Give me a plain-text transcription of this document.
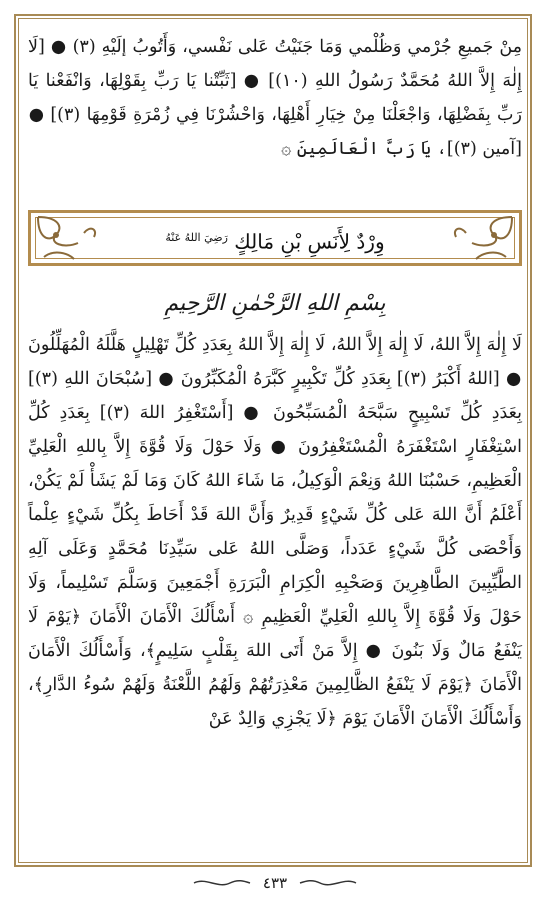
مِنْ جَميعِ جُرْمي وَظُلْمي وَمَا جَنَيْتُ عَلى نَفْسي، وَأَتُوبُ إلَيْهِ (٣) ● [لَا إِلٰهَ إِلاَّ اللهُ مُحَمَّدٌ رَسُولُ اللهِ (١٠)] ● [ثَبِّتْنا يَا رَبِّ بِقَوْلِهَا، وَانْفَعْنا يَا رَبِّ بِفَضْلِهَا، وَاجْعَلْنَا مِنْ خِيَارِ أَهْلِهَا، وَاحْشُرْنَا فِي زُمْرَةِ قَوْمِهَا (٣)] ● [آمين (٣)]، يَا رَبَّ الْعَالَمِينَ ۞

وِرْدٌ لِأَنَسِ بْنِ مَالِكٍ $^{رَضِيَ اللهُ عَنْهُ}$
بِسْمِ اللهِ الرَّحْمٰنِ الرَّحِيمِ

لَا إِلٰهَ إِلاَّ اللهُ، لَا إِلٰهَ إِلاَّ اللهُ، لَا إِلٰهَ إِلاَّ اللهُ بِعَدَدِ كُلِّ تَهْلِيلٍ هَلَّلَهُ الْمُهَلِّلُونَ ● [اللهُ أَكْبَرُ (٣)] بِعَدَدِ كُلِّ تَكْبِيرٍ كَبَّرَهُ الْمُكَبِّرُونَ ● [سُبْحَانَ اللهِ (٣)] بِعَدَدِ كُلِّ تَسْبِيحٍ سَبَّحَهُ الْمُسَبِّحُونَ ● [أَسْتَغْفِرُ اللهَ (٣)] بِعَدَدِ كُلِّ اسْتِغْفَارٍ اسْتَغْفَرَهُ الْمُسْتَغْفِرُونَ ● وَلَا حَوْلَ وَلَا قُوَّةَ إِلاَّ بِاللهِ الْعَلِيِّ الْعَظِيمِ، حَسْبُنَا اللهُ وَنِعْمَ الْوَكِيلُ، مَا شَاءَ اللهُ كَانَ وَمَا لَمْ يَشَأْ لَمْ يَكُنْ، أَعْلَمُ أَنَّ اللهَ عَلى كُلِّ شَيْءٍ قَدِيرٌ وَأَنَّ اللهَ قَدْ أَحَاطَ بِكُلِّ شَيْءٍ عِلْماً وَأَحْصَى كُلَّ شَيْءٍ عَدَداً، وَصَلَّى اللهُ عَلى سَيِّدِنَا مُحَمَّدٍ وَعَلَى آلِهِ الطَّيِّبِينَ الطَّاهِرِينَ وَصَحْبِهِ الْكِرَامِ الْبَرَرَةِ أَجْمَعِينَ وَسَلَّمَ تَسْلِيماً، وَلَا حَوْلَ وَلَا قُوَّةَ إِلاَّ بِاللهِ الْعَلِيِّ الْعَظِيمِ ۞ أَسْأَلُكَ الْأَمَانَ الْأَمَانَ ﴿يَوْمَ لَا يَنْفَعُ مَالٌ وَلَا بَنُونَ ● إِلاَّ مَنْ أَتَى اللهَ بِقَلْبٍ سَلِيمٍ﴾، وَأَسْأَلُكَ الْأَمَانَ الْأَمَانَ ﴿يَوْمَ لَا يَنْفَعُ الظَّالِمِينَ مَعْذِرَتُهُمْ وَلَهُمُ اللَّعْنَةُ وَلَهُمْ سُوءُ الدَّارِ﴾، وَأَسْأَلُكَ الْأَمَانَ الْأَمَانَ يَوْمَ ﴿لَا يَجْزِي وَالِدٌ عَنْ

٤٣٣
